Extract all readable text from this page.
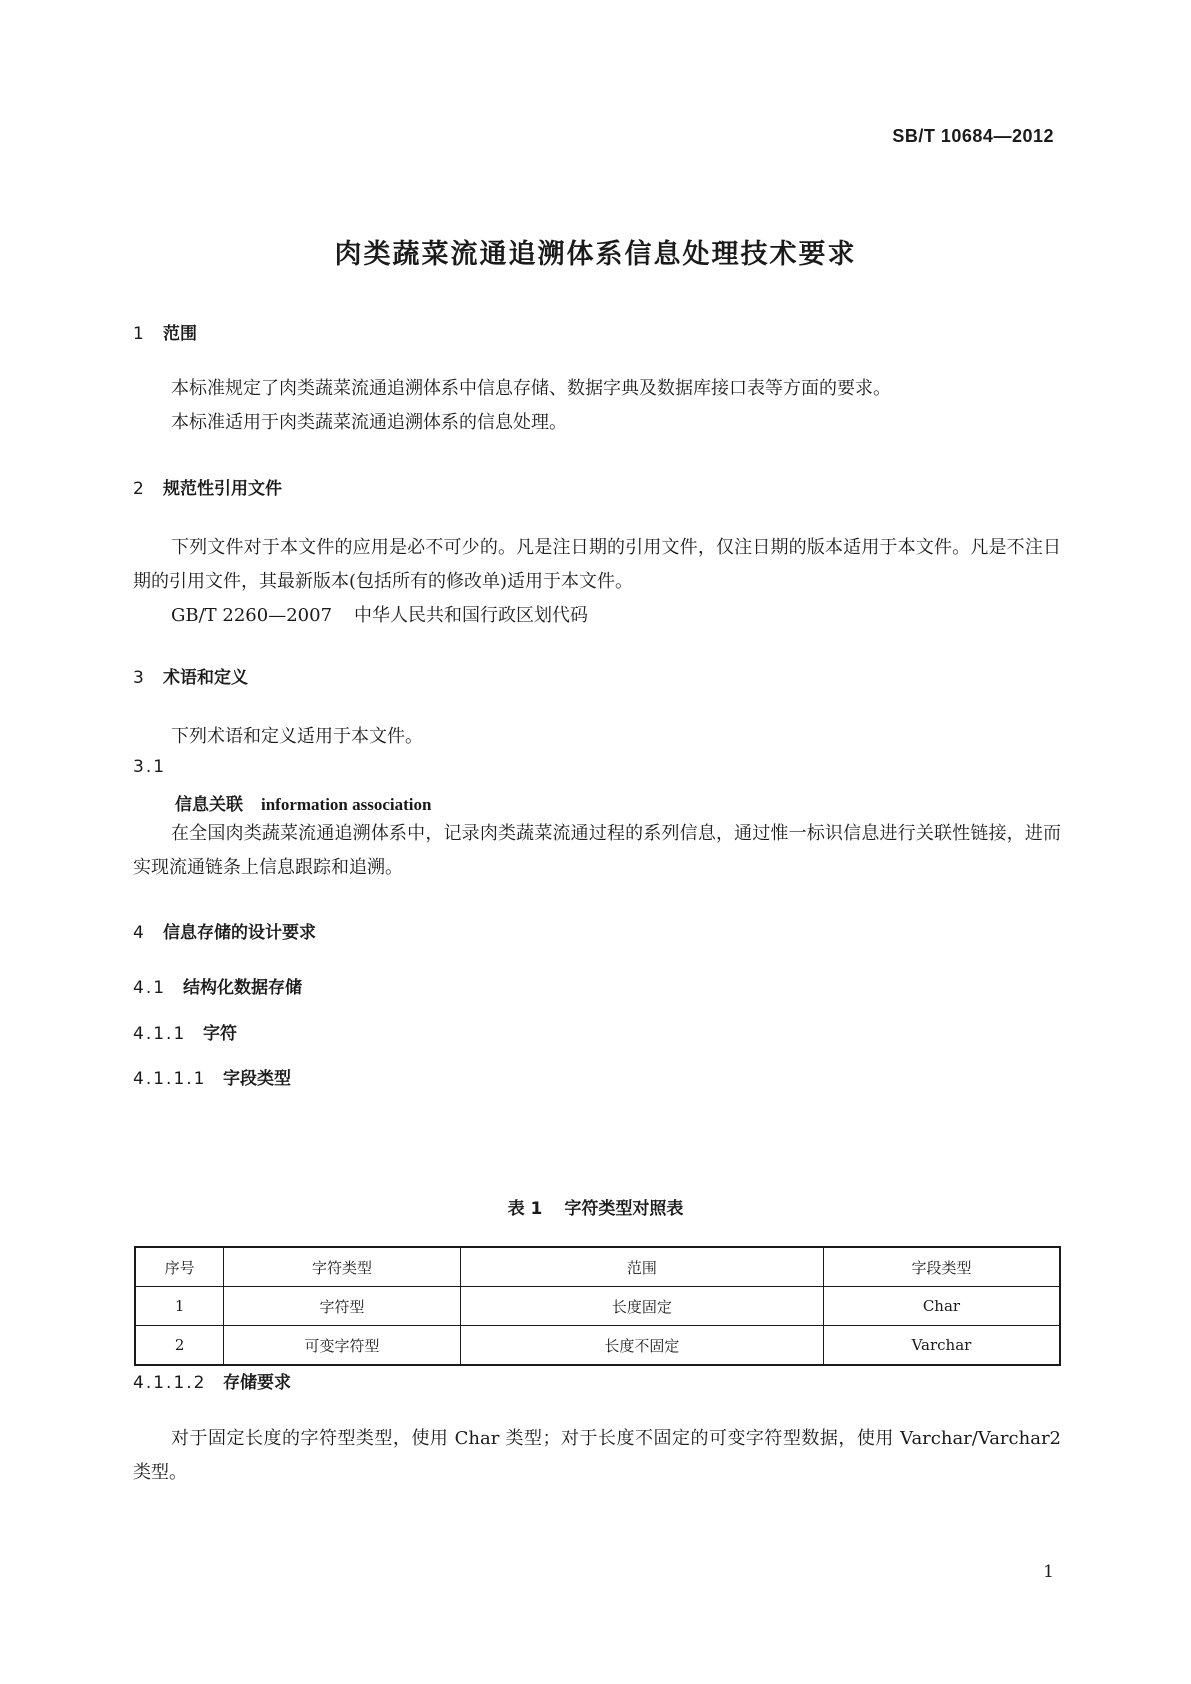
SB/T 10684—2012
肉类蔬菜流通追溯体系信息处理技术要求
1 范围
本标准规定了肉类蔬菜流通追溯体系中信息存储、数据字典及数据库接口表等方面的要求。
本标准适用于肉类蔬菜流通追溯体系的信息处理。
2 规范性引用文件
下列文件对于本文件的应用是必不可少的。凡是注日期的引用文件，仅注日期的版本适用于本文件。凡是不注日期的引用文件，其最新版本(包括所有的修改单)适用于本文件。
GB/T 2260—2007 中华人民共和国行政区划代码
3 术语和定义
下列术语和定义适用于本文件。
3.1
信息关联 information association
在全国肉类蔬菜流通追溯体系中，记录肉类蔬菜流通过程的系列信息，通过惟一标识信息进行关联性链接，进而实现流通链条上信息跟踪和追溯。
4 信息存储的设计要求
4.1 结构化数据存储
4.1.1 字符
4.1.1.1 字段类型
表 1 字符类型对照表
序号	字符类型	范围	字段类型
1	字符型	长度固定	Char
2	可变字符型	长度不固定	Varchar
4.1.1.2 存储要求
对于固定长度的字符型类型，使用 Char 类型；对于长度不固定的可变字符型数据，使用 Varchar/Varchar2 类型。
1
